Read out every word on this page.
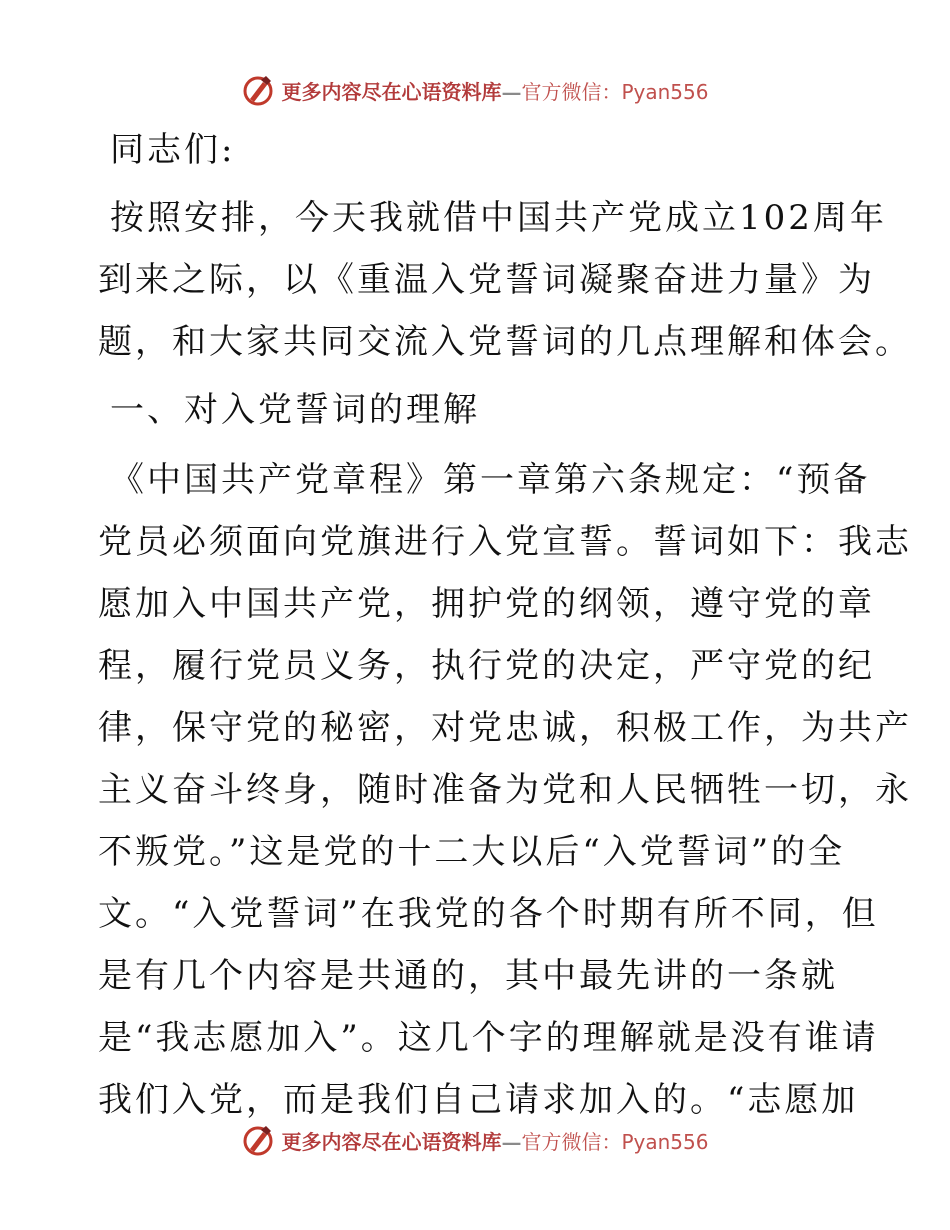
更多内容尽在心语资料库—官方微信：Pyan556
同志们:
按照安排，今天我就借中国共产党成立102周年
到来之际，以《重温入党誓词凝聚奋进力量》为
题，和大家共同交流入党誓词的几点理解和体会。
一、对入党誓词的理解
《中国共产党章程》第一章第六条规定：“预备
党员必须面向党旗进行入党宣誓。誓词如下：我志
愿加入中国共产党，拥护党的纲领，遵守党的章
程，履行党员义务，执行党的决定，严守党的纪
律，保守党的秘密，对党忠诚，积极工作，为共产
主义奋斗终身，随时准备为党和人民牺牲一切，永
不叛党。”这是党的十二大以后“入党誓词”的全
文。“入党誓词”在我党的各个时期有所不同，但
是有几个内容是共通的，其中最先讲的一条就
是“我志愿加入”。这几个字的理解就是没有谁请
我们入党，而是我们自己请求加入的。“志愿加
更多内容尽在心语资料库—官方微信：Pyan556
